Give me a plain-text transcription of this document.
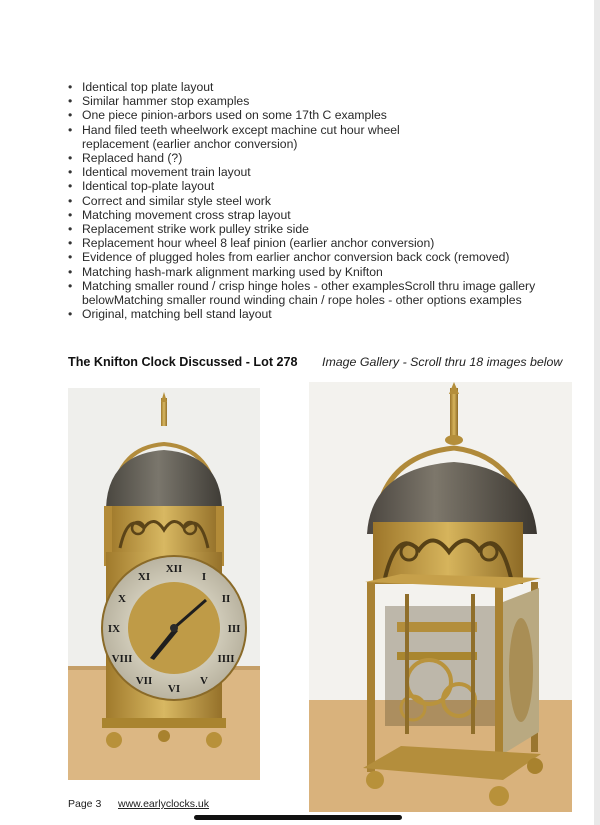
• Identical top plate layout
• Similar hammer stop examples
• One piece pinion-arbors used on some 17th C examples
• Hand filed teeth wheelwork except machine cut hour wheel replacement (earlier anchor conversion)
• Replaced hand (?)
• Identical movement train layout
• Identical top-plate layout
• Correct and similar style steel work
• Matching movement cross strap layout
• Replacement strike work pulley strike side
• Replacement hour wheel 8 leaf pinion (earlier anchor conversion)
• Evidence of plugged holes from earlier anchor conversion back cock (removed)
• Matching hash-mark alignment marking used by Knifton
• Matching smaller round / crisp hinge holes - other examplesScroll thru image gallery belowMatching smaller round winding chain / rope holes - other options examples
• Original, matching bell stand layout
The Knifton Clock Discussed - Lot 278 Image Gallery - Scroll thru 18 images below
XII
I
II
III
IIII
V
VI
VII
VIII
IX
X
XI
Page 3 www.earlyclocks.uk
